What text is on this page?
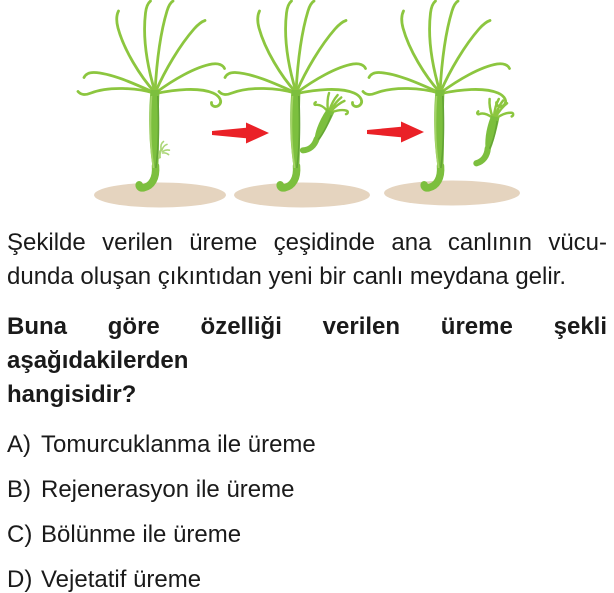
Şekilde verilen üreme çeşidinde ana canlının vücu-
dunda oluşan çıkıntıdan yeni bir canlı meydana gelir.

Buna göre özelliği verilen üreme şekli aşağıdakilerden
hangisidir?

A) Tomurcuklanma ile üreme
B) Rejenerasyon ile üreme
C) Bölünme ile üreme
D) Vejetatif üreme
